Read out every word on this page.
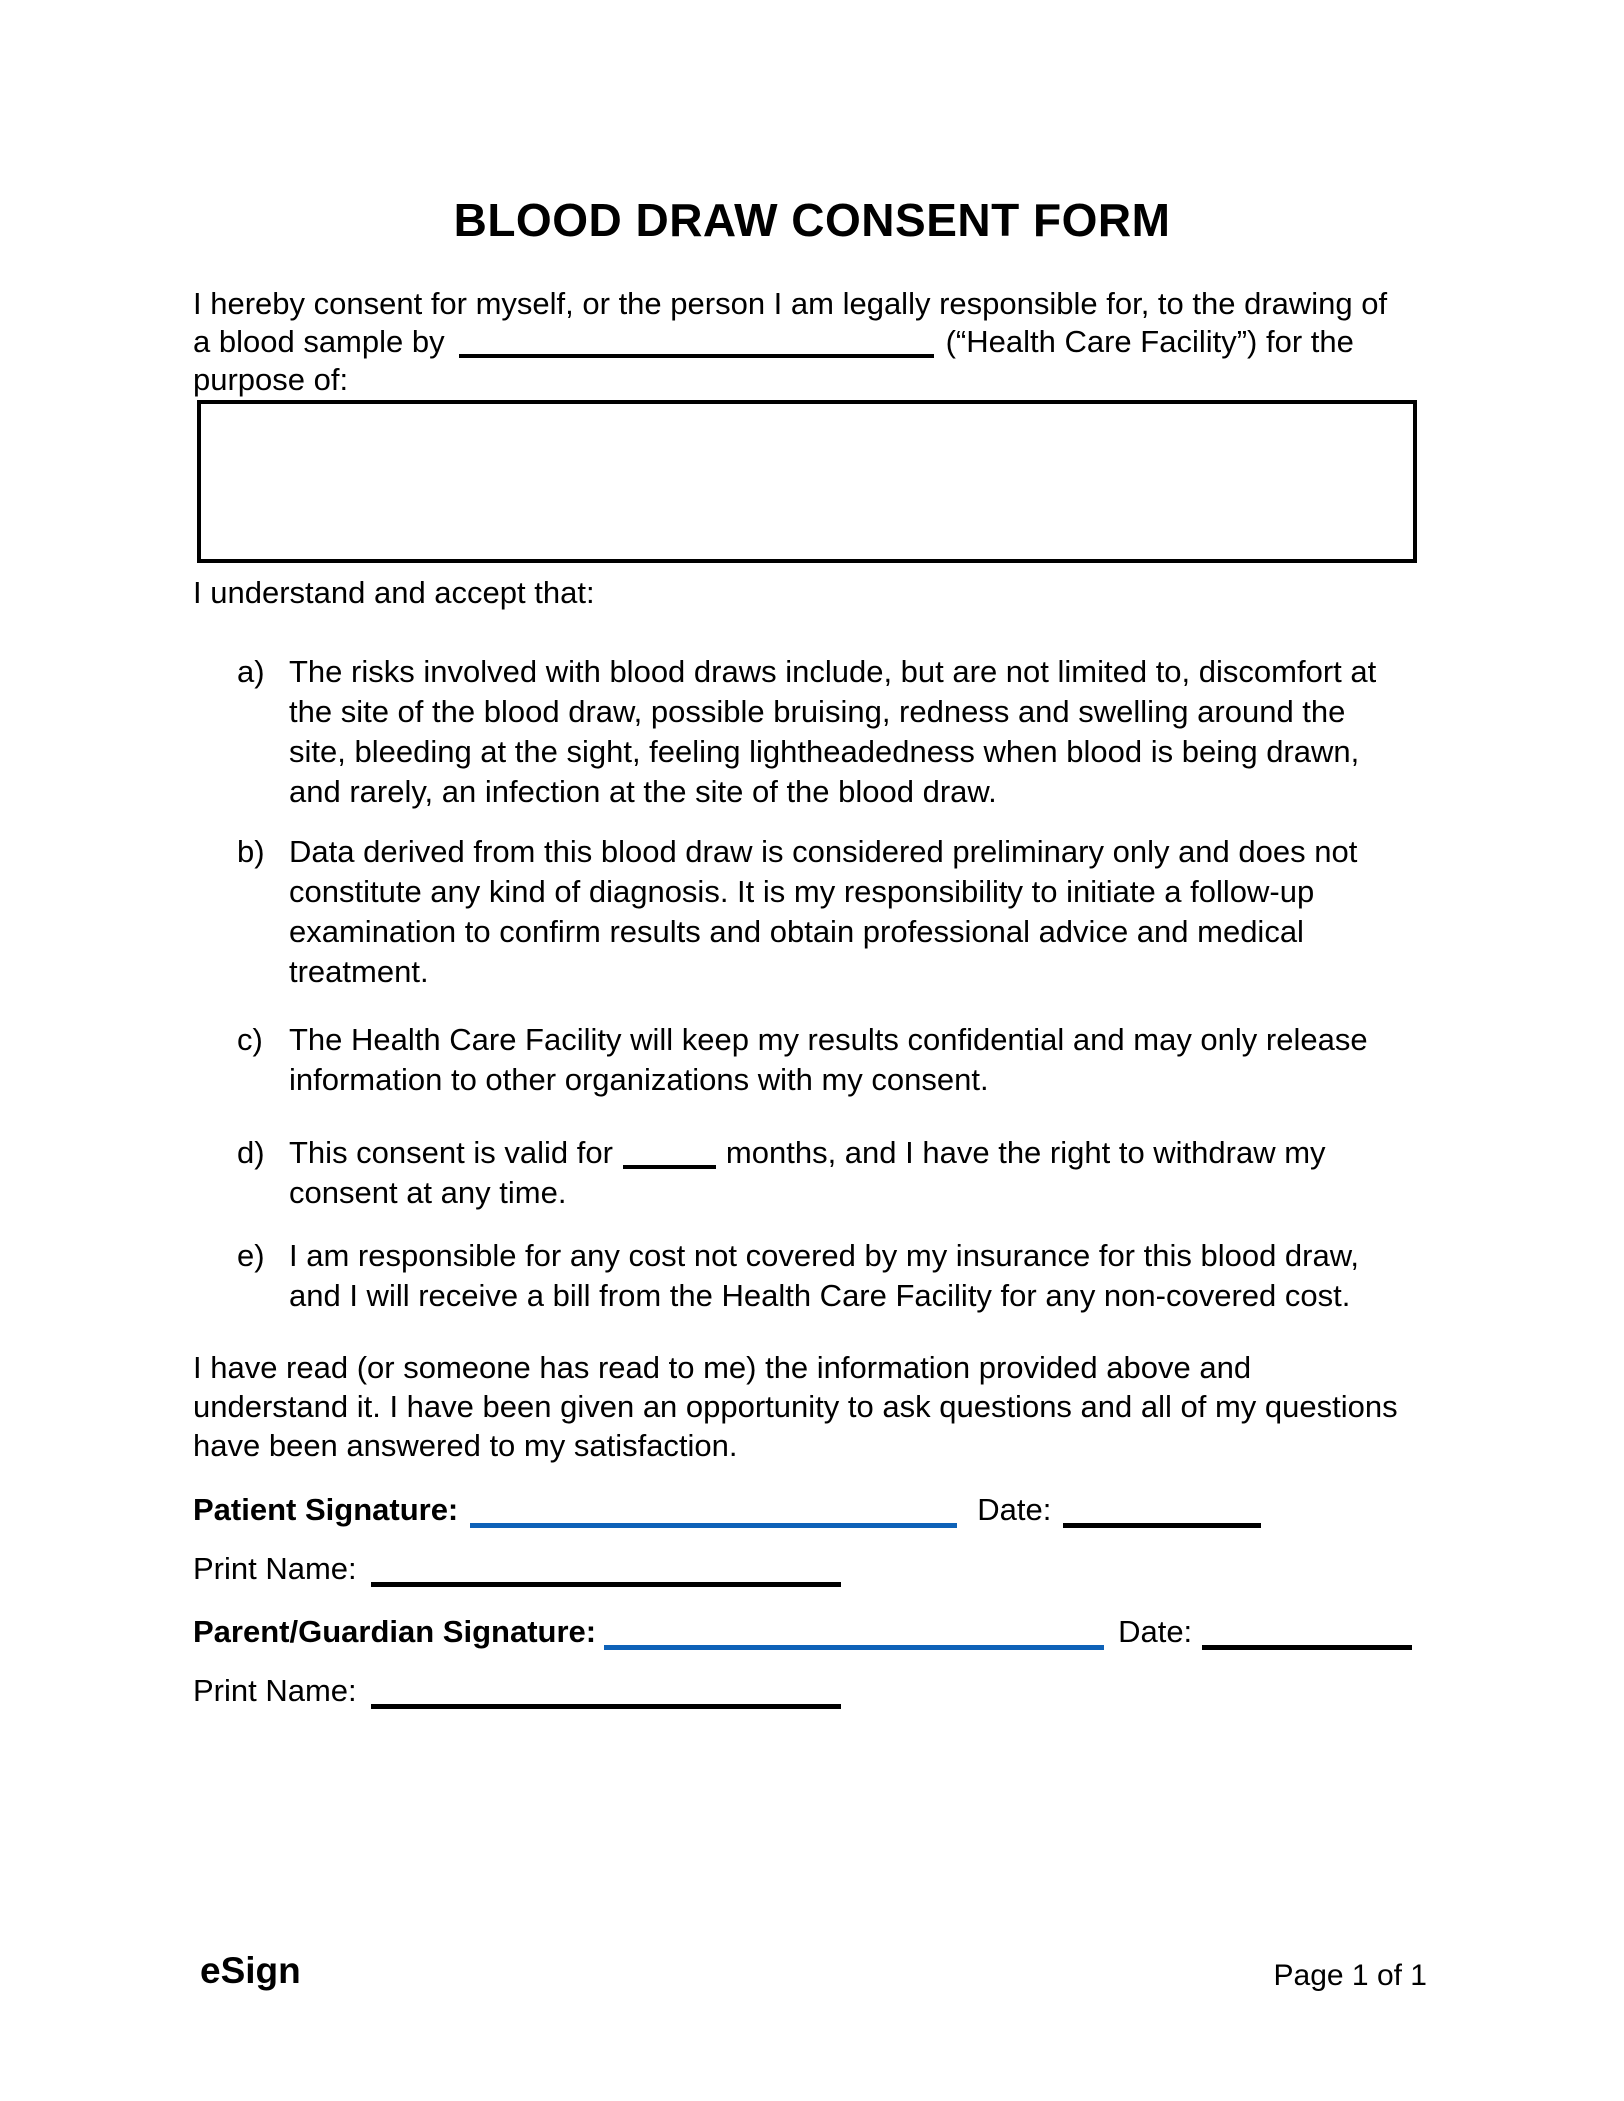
BLOOD DRAW CONSENT FORM
I hereby consent for myself, or the person I am legally responsible for, to the drawing of
a blood sample by	(“Health Care Facility”) for the
purpose of:
I understand and accept that:
a) The risks involved with blood draws include, but are not limited to, discomfort at
the site of the blood draw, possible bruising, redness and swelling around the
site, bleeding at the sight, feeling lightheadedness when blood is being drawn,
and rarely, an infection at the site of the blood draw.
b) Data derived from this blood draw is considered preliminary only and does not
constitute any kind of diagnosis. It is my responsibility to initiate a follow-up
examination to confirm results and obtain professional advice and medical
treatment.
c) The Health Care Facility will keep my results confidential and may only release
information to other organizations with my consent.
d) This consent is valid for	months, and I have the right to withdraw my
consent at any time.
e) I am responsible for any cost not covered by my insurance for this blood draw,
and I will receive a bill from the Health Care Facility for any non-covered cost.
I have read (or someone has read to me) the information provided above and
understand it. I have been given an opportunity to ask questions and all of my questions
have been answered to my satisfaction.
Patient Signature:	Date:
Print Name:
Parent/Guardian Signature:	Date:
Print Name:
eSign	Page 1 of 1
